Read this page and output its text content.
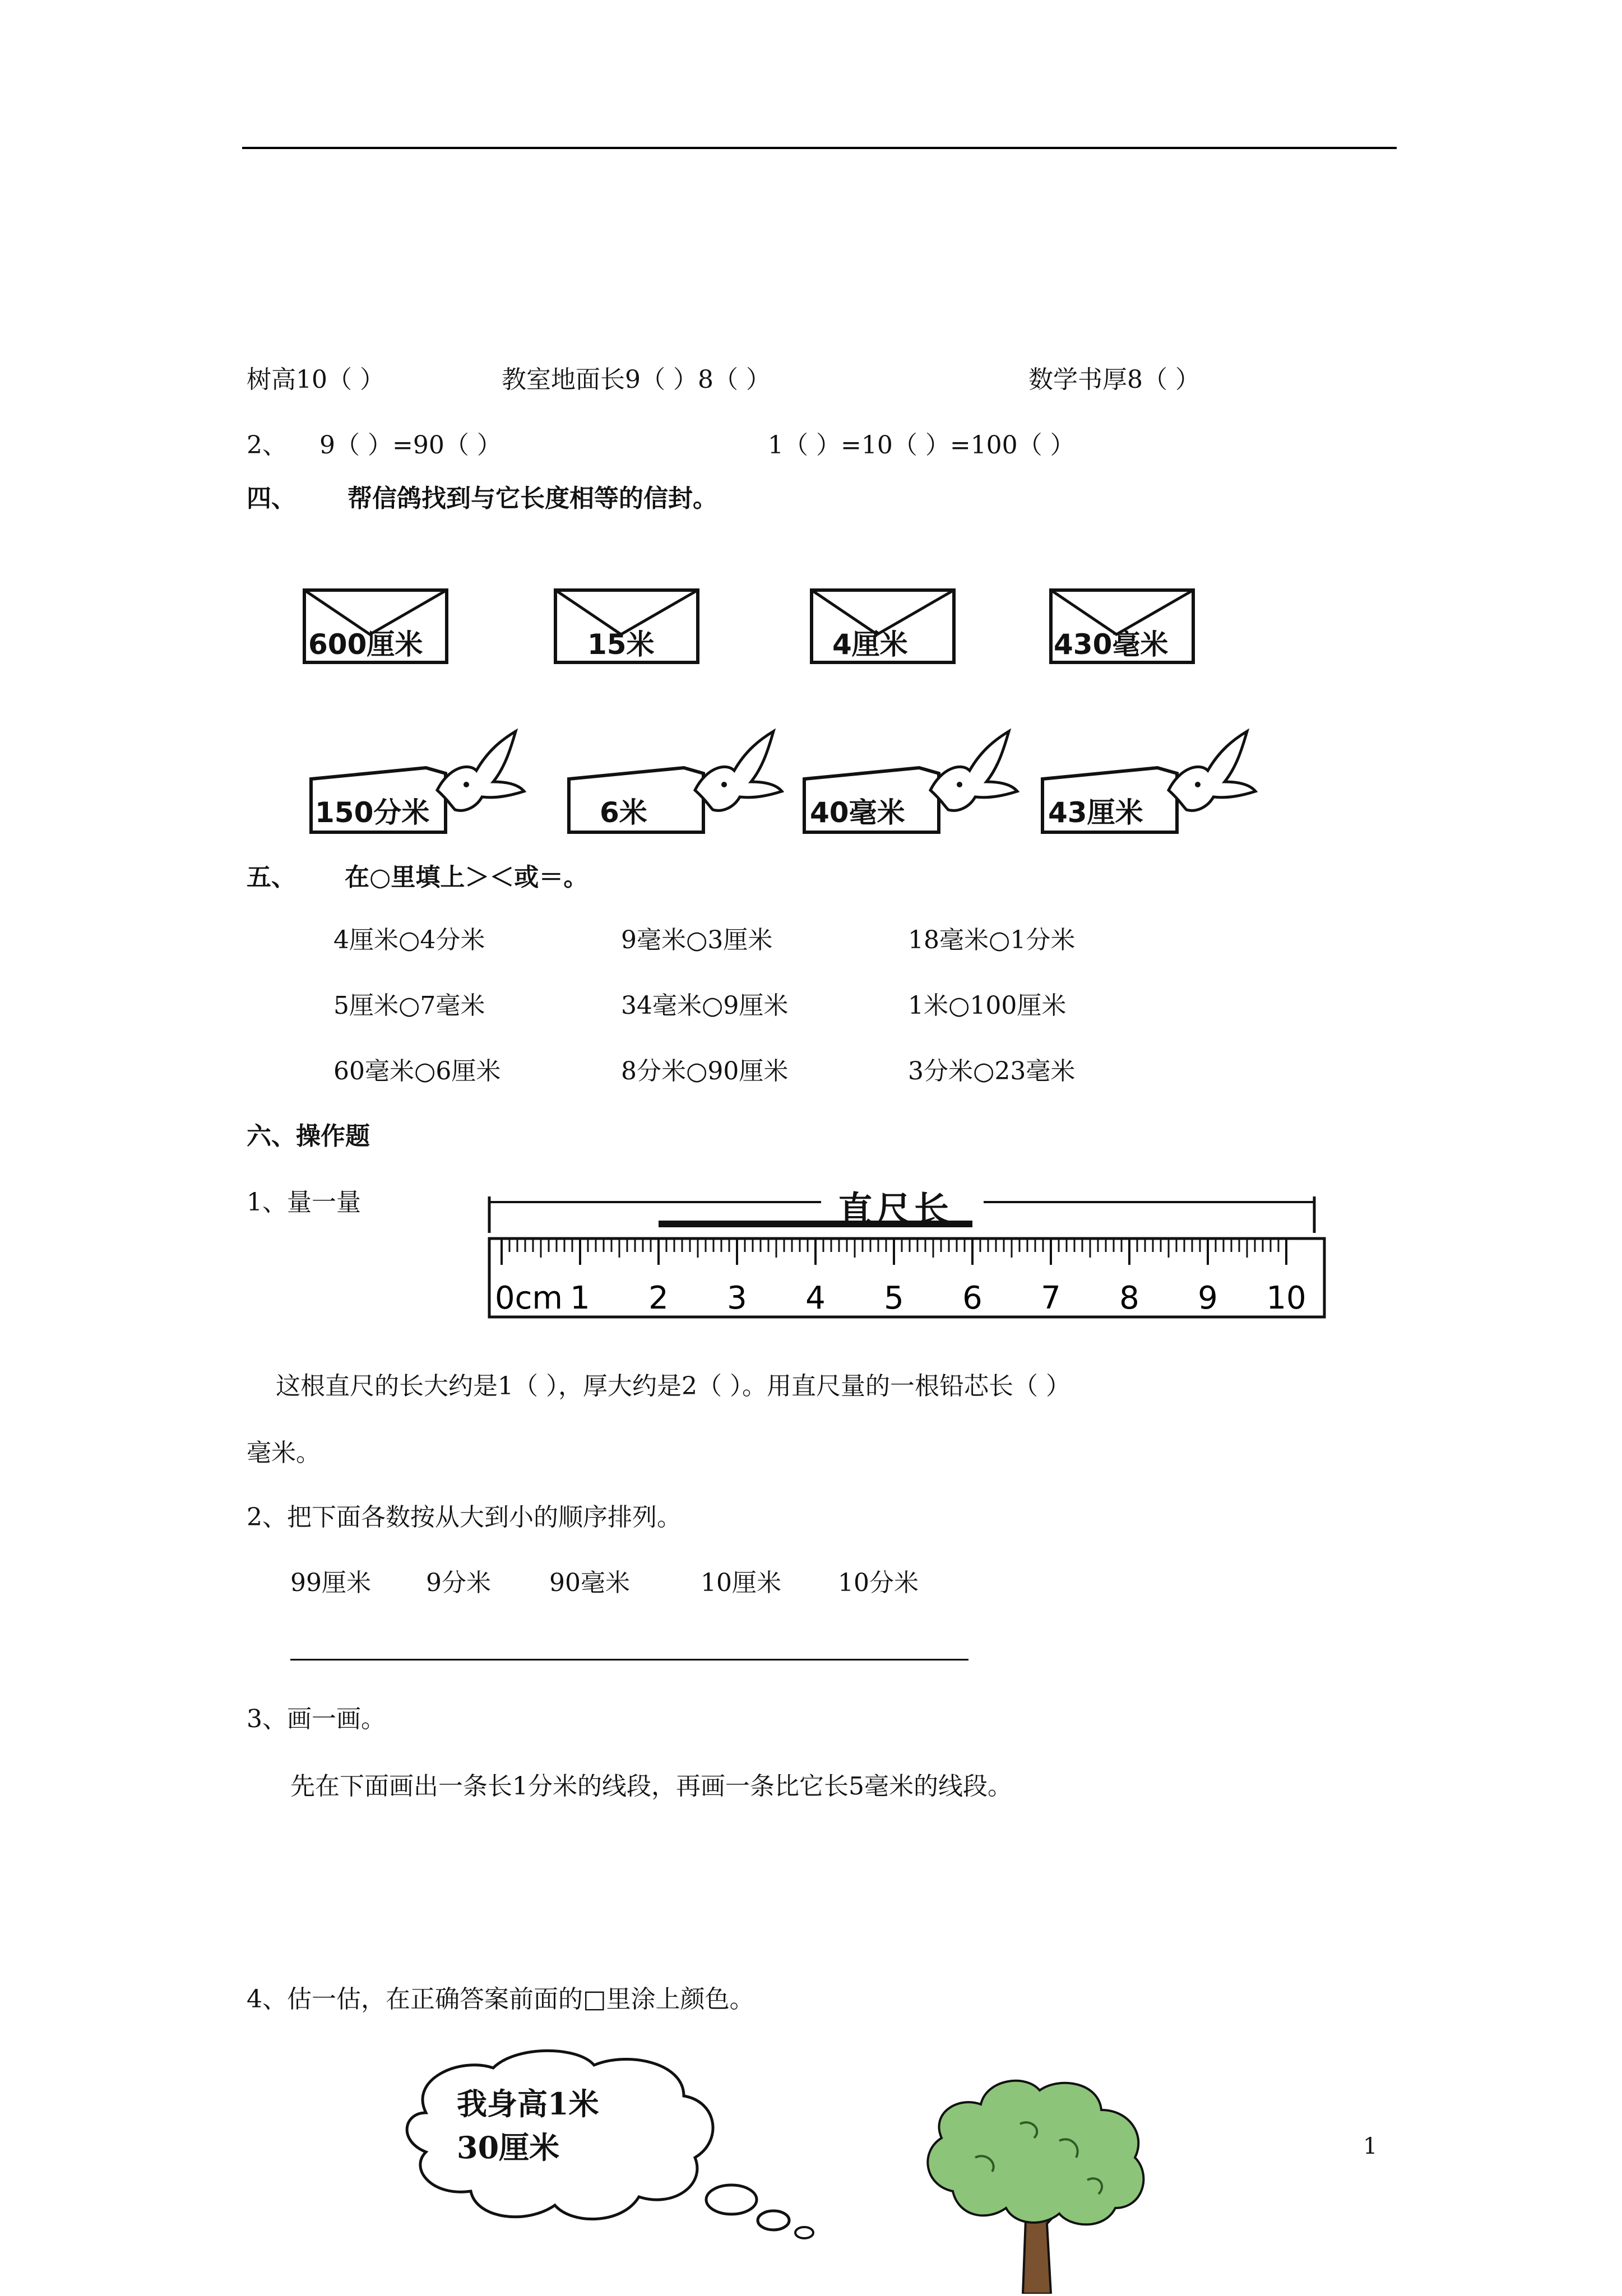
树高10（ ）	教室地面长9（ ）8（ ）	数学书厚8（ ）
2、 9（ ）=90（ ）	1（ ）=10（ ）=100（ ）
四、 帮信鸽找到与它长度相等的信封。
600厘米	15米	4厘米	430毫米
150分米	6米	40毫米	43厘米
五、 在○里填上＞＜或＝。
4厘米○4分米	9毫米○3厘米	18毫米○1分米
5厘米○7毫米	34毫米○9厘米	1米○100厘米
60毫米○6厘米	8分米○90厘米	3分米○23毫米
六、操作题
1、量一量
0cm 1 2 3 4 5 6 7 8 9 10
直尺长
这根直尺的长大约是1（ ），厚大约是2（ ）。用直尺量的一根铅芯长（ ）
毫米。
2、把下面各数按从大到小的顺序排列。
99厘米 9分米 90毫米	10厘米 10分米
3、画一画。
先在下面画出一条长1分米的线段，再画一条比它长5毫米的线段。
4、估一估，在正确答案前面的□里涂上颜色。
我身高1米
30厘米	1
